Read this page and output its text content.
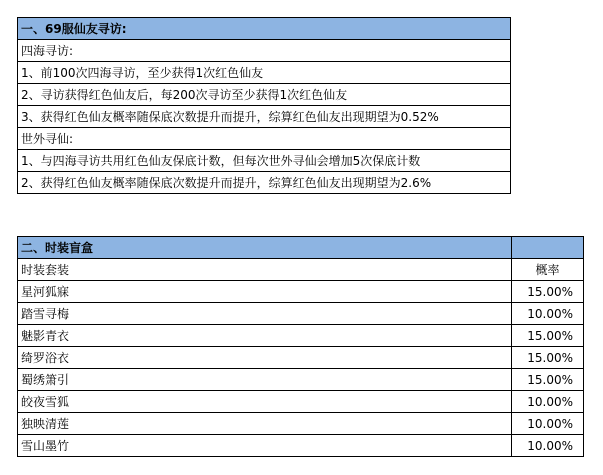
一、69服仙友寻访:
四海寻访:
1、前100次四海寻访，至少获得1次红色仙友
2、寻访获得红色仙友后，每200次寻访至少获得1次红色仙友
3、获得红色仙友概率随保底次数提升而提升，综算红色仙友出现期望为0.52%
世外寻仙:
1、与四海寻访共用红色仙友保底计数，但每次世外寻仙会增加5次保底计数
2、获得红色仙友概率随保底次数提升而提升，综算红色仙友出现期望为2.6%
二、时装盲盒	
时装套装	概率
星河狐寐	15.00%
踏雪寻梅	10.00%
魅影青衣	15.00%
绮罗浴衣	15.00%
蜀绣箫引	15.00%
皎夜雪狐	10.00%
独映清莲	10.00%
雪山墨竹	10.00%
